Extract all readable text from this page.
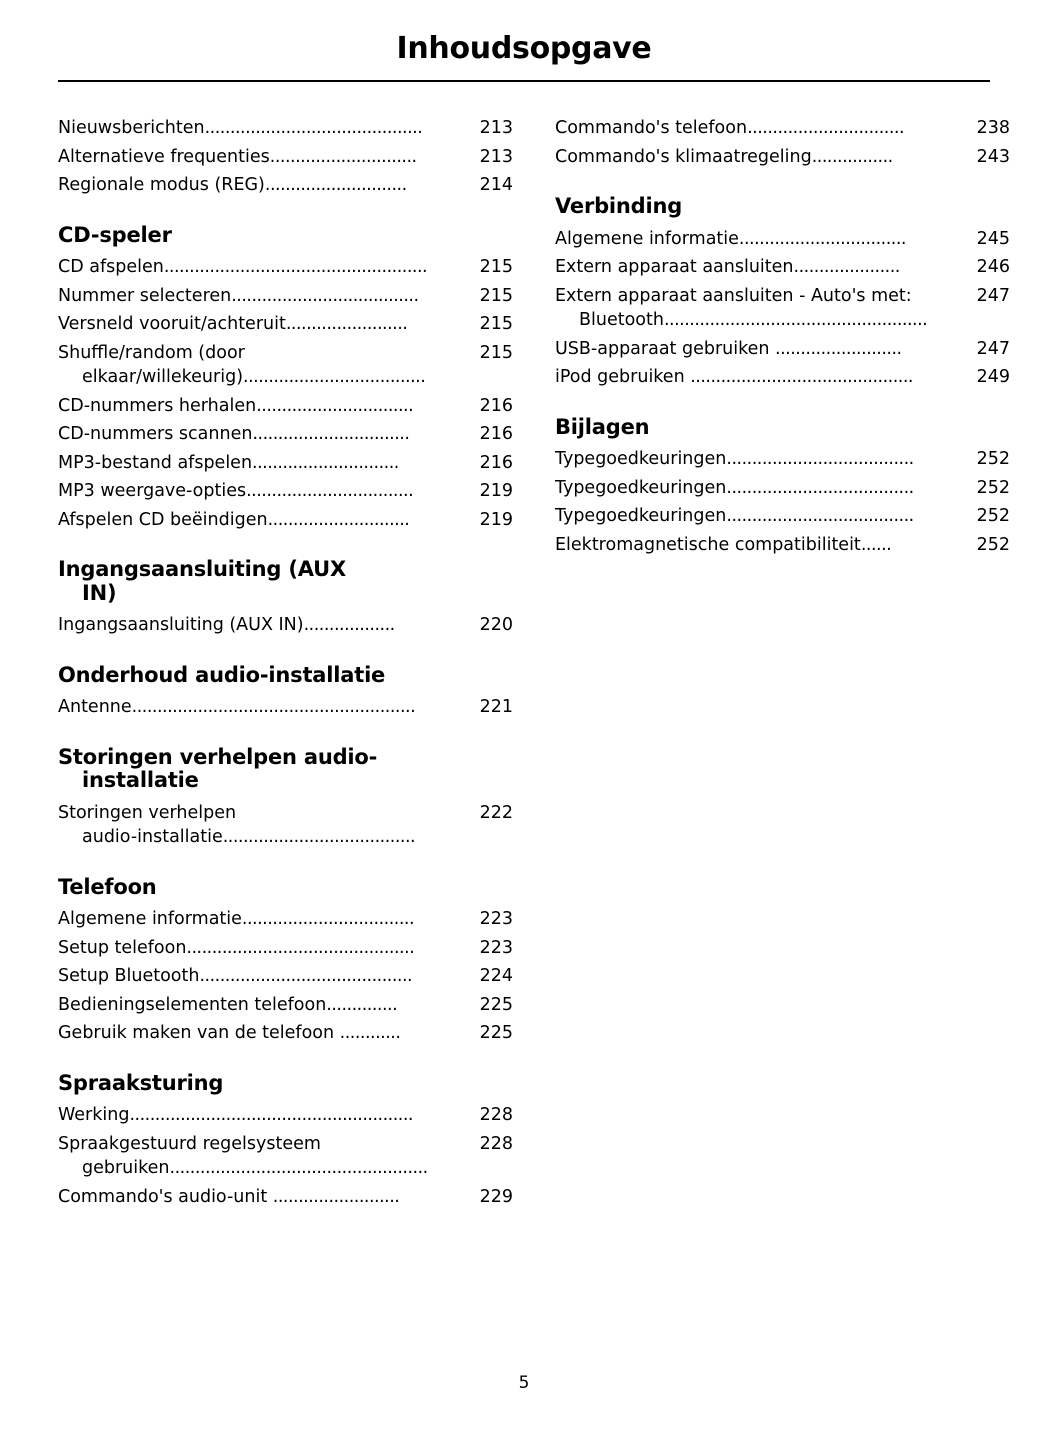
Inhoudsopgave
213
Nieuwsberichten...........................................
213
Alternatieve frequenties.............................
214
Regionale modus (REG)............................
CD-speler
215
CD afspelen....................................................
215
Nummer selecteren.....................................
215
Versneld vooruit/achteruit........................
215
Shuffle/random (door
elkaar/willekeurig)....................................
216
CD-nummers herhalen...............................
216
CD-nummers scannen...............................
216
MP3-bestand afspelen.............................
219
MP3 weergave-opties.................................
219
Afspelen CD beëindigen............................
Ingangsaansluiting (AUX
IN)
220
Ingangsaansluiting (AUX IN)..................
Onderhoud audio-installatie
221
Antenne........................................................
Storingen verhelpen audio-
installatie
222
Storingen verhelpen
audio-installatie......................................
Telefoon
223
Algemene informatie..................................
223
Setup telefoon.............................................
224
Setup Bluetooth..........................................
225
Bedieningselementen telefoon..............
225
Gebruik maken van de telefoon ............
Spraaksturing
228
Werking........................................................
228
Spraakgestuurd regelsysteem
gebruiken...................................................
229
Commando's audio-unit .........................
238
Commando's telefoon...............................
243
Commando's klimaatregeling................
Verbinding
245
Algemene informatie.................................
246
Extern apparaat aansluiten.....................
247
Extern apparaat aansluiten - Auto's met:
Bluetooth....................................................
247
USB-apparaat gebruiken .........................
249
iPod gebruiken ............................................
Bijlagen
252
Typegoedkeuringen.....................................
252
Typegoedkeuringen.....................................
252
Typegoedkeuringen.....................................
252
Elektromagnetische compatibiliteit......
5
